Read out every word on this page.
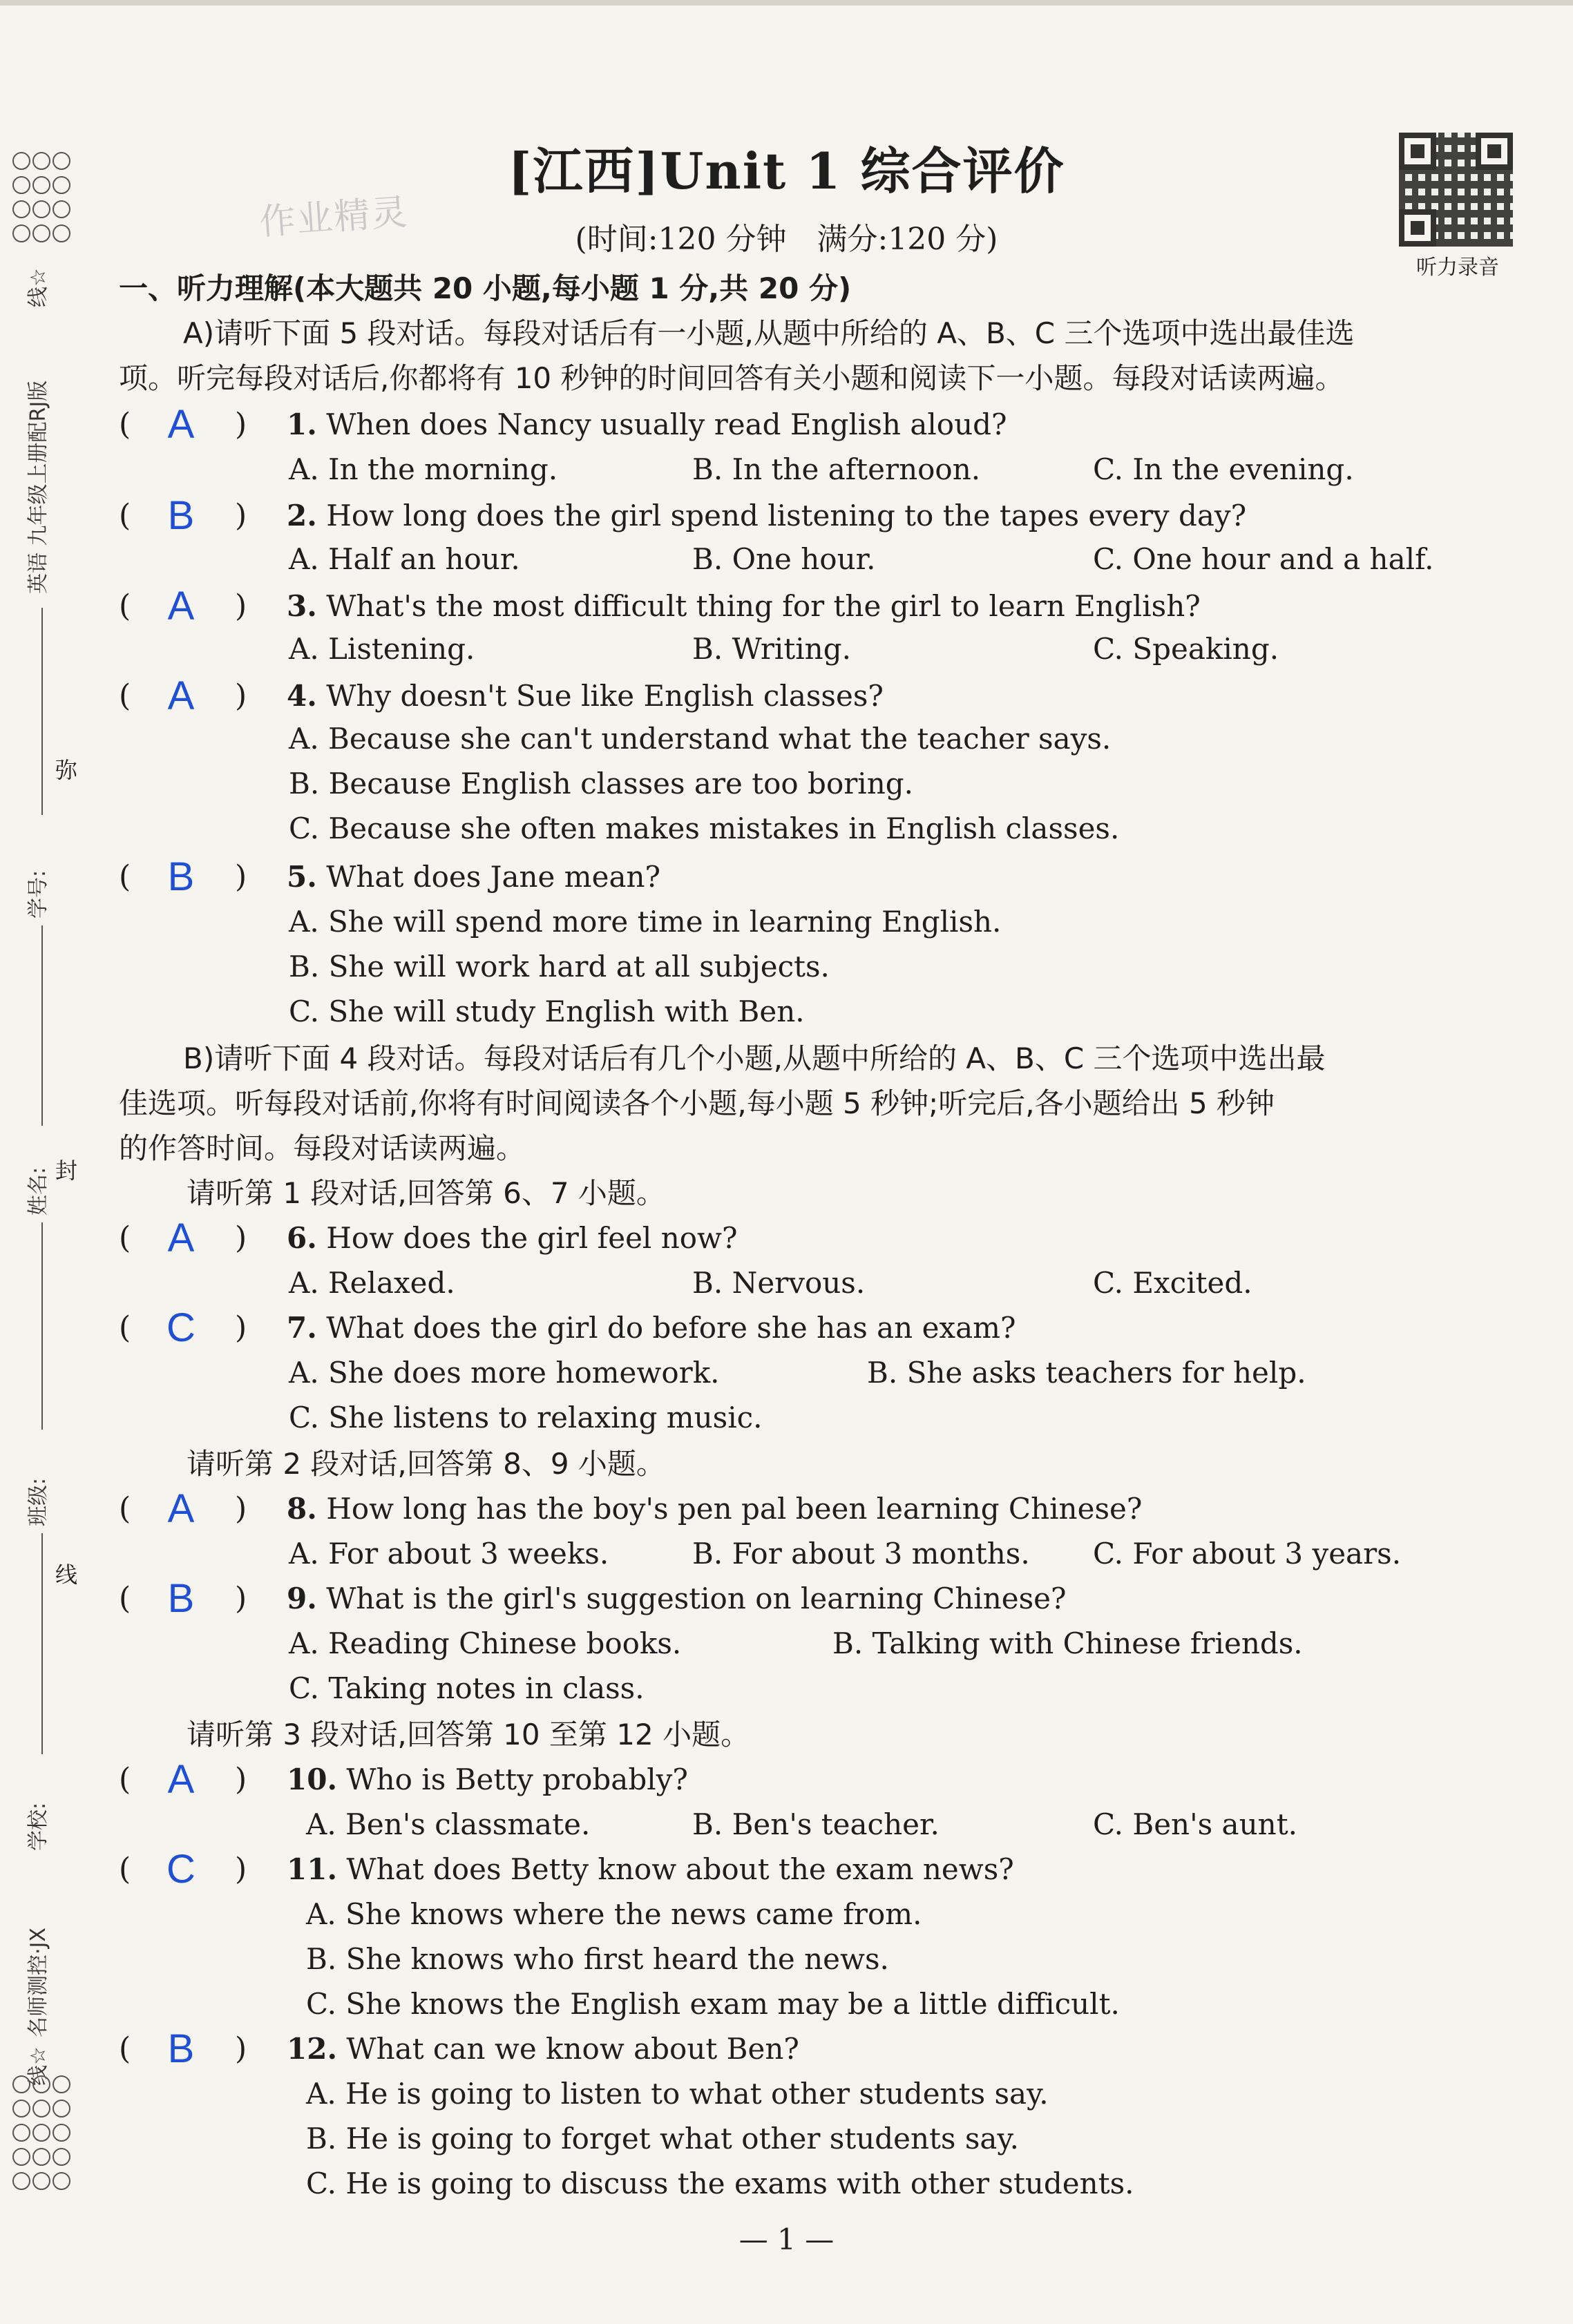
线☆
英语 九年级上册配RJ版
弥
学号:
姓名: 封
班级:
线
学校:
名师测控·JX
线☆

作业精灵
[江西]Unit 1 综合评价
(时间:120 分钟　满分:120 分)
听力录音
一、听力理解(本大题共 20 小题,每小题 1 分,共 20 分)
A)请听下面 5 段对话。每段对话后有一小题,从题中所给的 A、B、C 三个选项中选出最佳选
项。听完每段对话后,你都将有 10 秒钟的时间回答有关小题和阅读下一小题。每段对话读两遍。
B)请听下面 4 段对话。每段对话后有几个小题,从题中所给的 A、B、C 三个选项中选出最
佳选项。听每段对话前,你将有时间阅读各个小题,每小题 5 秒钟;听完后,各小题给出 5 秒钟
的作答时间。每段对话读两遍。
请听第 1 段对话,回答第 6、7 小题。
请听第 2 段对话,回答第 8、9 小题。
请听第 3 段对话,回答第 10 至第 12 小题。
— 1 —
( A	) 1. When does Nancy usually read English aloud?
A. In the morning.	B. In the afternoon.	C. In the evening.
( B	) 2. How long does the girl spend listening to the tapes every day?
A. Half an hour.	B. One hour.	C. One hour and a half.
( A	) 3. What's the most difficult thing for the girl to learn English?
A. Listening.	B. Writing.	C. Speaking.
( A	) 4. Why doesn't Sue like English classes?
A. Because she can't understand what the teacher says.
B. Because English classes are too boring.
C. Because she often makes mistakes in English classes.
( B	) 5. What does Jane mean?
A. She will spend more time in learning English.
B. She will work hard at all subjects.
C. She will study English with Ben.
( A	) 6. How does the girl feel now?
A. Relaxed.	B. Nervous.	C. Excited.
( C	) 7. What does the girl do before she has an exam?
A. She does more homework.	B. She asks teachers for help.
C. She listens to relaxing music.
( A	) 8. How long has the boy's pen pal been learning Chinese?
A. For about 3 weeks.	B. For about 3 months. C. For about 3 years.
( B	) 9. What is the girl's suggestion on learning Chinese?
A. Reading Chinese books.	B. Talking with Chinese friends.
C. Taking notes in class.
( A	) 10. Who is Betty probably?
A. Ben's classmate.	B. Ben's teacher.	C. Ben's aunt.
( C	) 11. What does Betty know about the exam news?
A. She knows where the news came from.
B. She knows who first heard the news.
C. She knows the English exam may be a little difficult.
( B	) 12. What can we know about Ben?
A. He is going to listen to what other students say.
B. He is going to forget what other students say.
C. He is going to discuss the exams with other students.
